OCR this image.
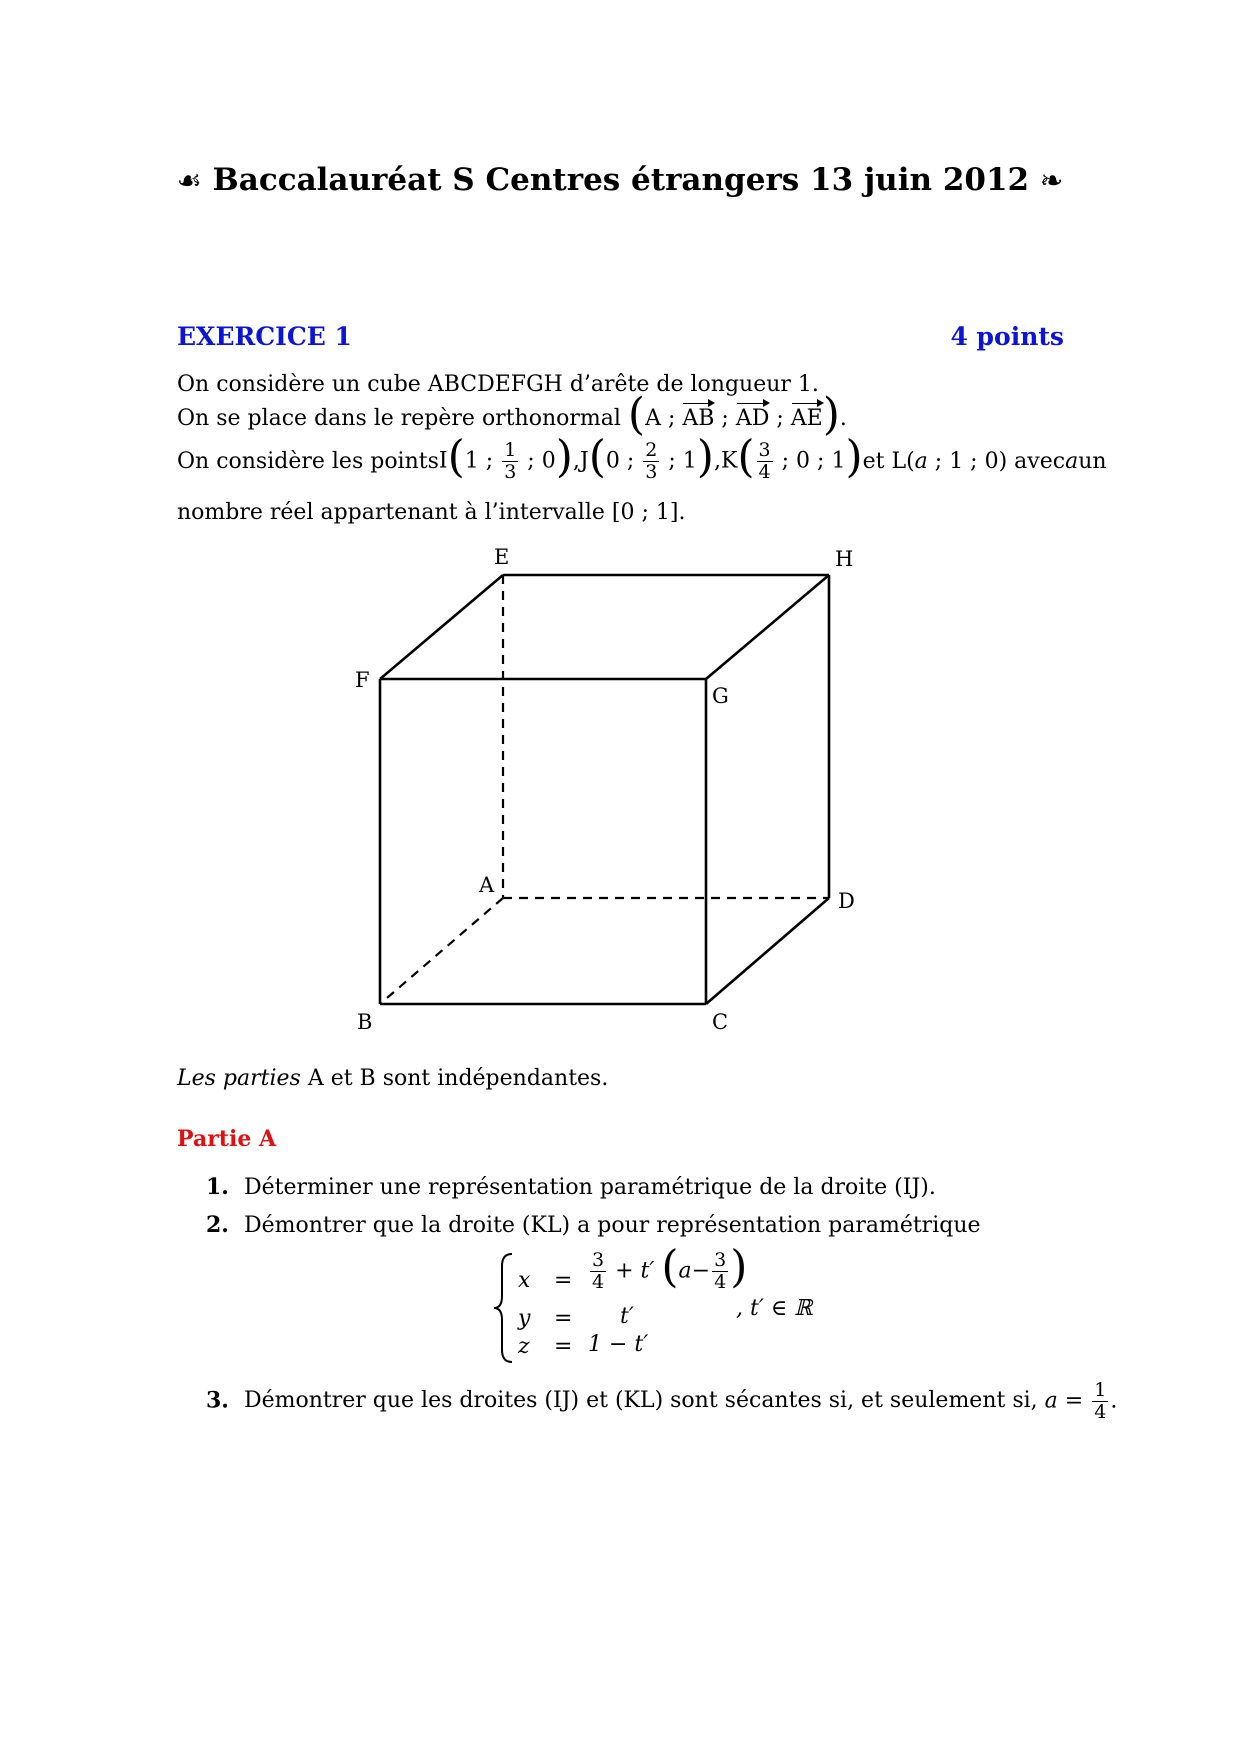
☙ Baccalauréat S Centres étrangers 13 juin 2012 ❧
EXERCICE 1	4 points
On considère un cube ABCDEFGH d’arête de longueur 1.
On se place dans le repère orthonormal (A ; AB ; AD ; AE).
On considère les points I(1 ; $\frac{1}{3}$ ; 0), J(0 ; $\frac{2}{3}$ ; 1), $K( \frac{3}{4}$ ; 0 ; 1) et L(a ; 1 ; 0) avec a un
nombre réel appartenant à l’intervalle [0 ; 1].
E	H
F
G
A
D
B	C
Les parties A et B sont indépendantes.
Partie A
1. Déterminer une représentation paramétrique de la droite (IJ).
2. Démontrer que la droite (KL) a pour représentation paramétrique
$x = \frac{3}{4} + t'$ ($a- \frac{3}{4}$ )
y = t′
z = 1 − t′
, t′ ∈ ℝ
3. Démontrer que les droites (IJ) et (KL) sont sécantes si, et seulement si, $a = \frac{1}{4}$ .
